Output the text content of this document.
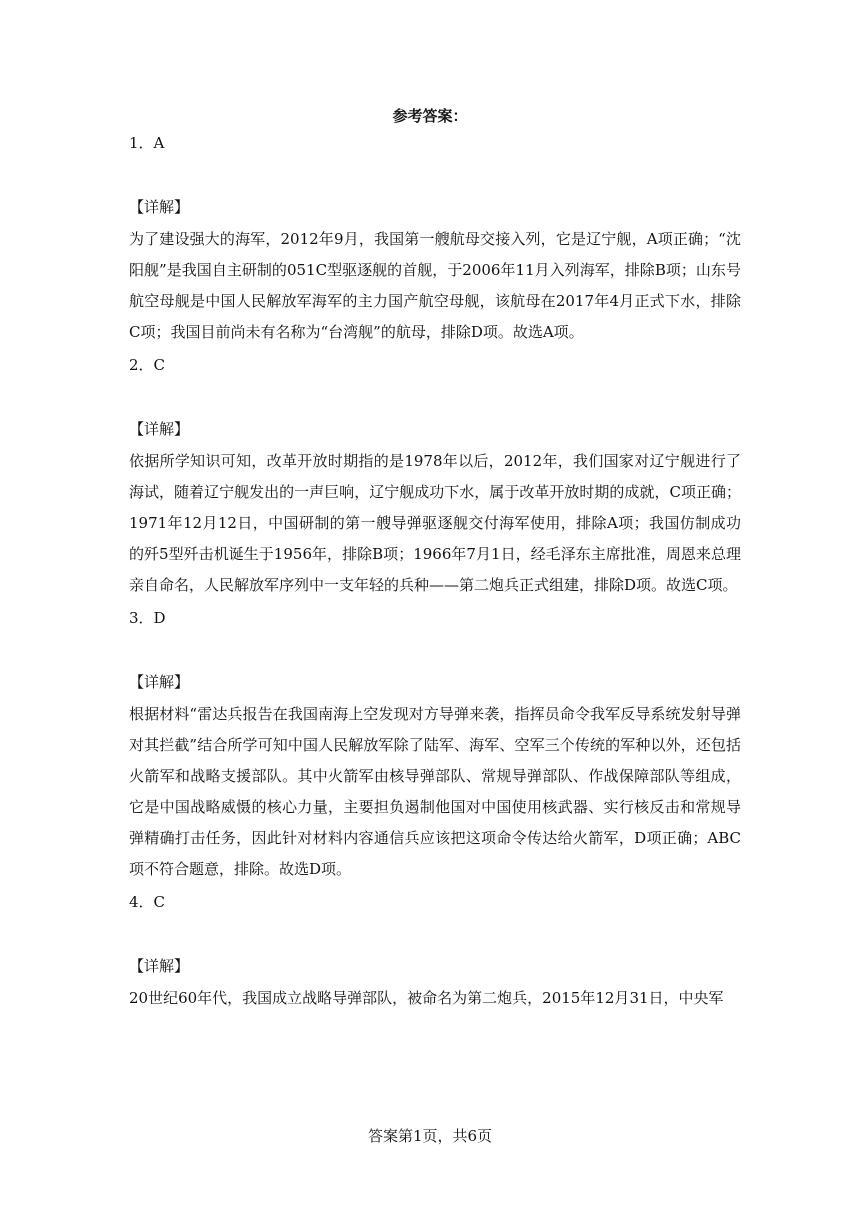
参考答案：
1．A
【详解】
为了建设强大的海军，2012年9月，我国第一艘航母交接入列，它是辽宁舰，A项正确；“沈阳舰”是我国自主研制的051C型驱逐舰的首舰，于2006年11月入列海军，排除B项；山东号航空母舰是中国人民解放军海军的主力国产航空母舰，该航母在2017年4月正式下水，排除C项；我国目前尚未有名称为“台湾舰”的航母，排除D项。故选A项。
2．C
【详解】
依据所学知识可知，改革开放时期指的是1978年以后，2012年，我们国家对辽宁舰进行了海试，随着辽宁舰发出的一声巨响，辽宁舰成功下水，属于改革开放时期的成就，C项正确；1971年12月12日，中国研制的第一艘导弹驱逐舰交付海军使用，排除A项；我国仿制成功的歼5型歼击机诞生于1956年，排除B项；1966年7月1日，经毛泽东主席批准，周恩来总理亲自命名，人民解放军序列中一支年轻的兵种——第二炮兵正式组建，排除D项。故选C项。
3．D
【详解】
根据材料“雷达兵报告在我国南海上空发现对方导弹来袭，指挥员命令我军反导系统发射导弹对其拦截”结合所学可知中国人民解放军除了陆军、海军、空军三个传统的军种以外，还包括火箭军和战略支援部队。其中火箭军由核导弹部队、常规导弹部队、作战保障部队等组成，它是中国战略威慑的核心力量，主要担负遏制他国对中国使用核武器、实行核反击和常规导弹精确打击任务，因此针对材料内容通信兵应该把这项命令传达给火箭军，D项正确；ABC项不符合题意，排除。故选D项。
4．C
【详解】
20世纪60年代，我国成立战略导弹部队，被命名为第二炮兵，2015年12月31日，中央军
答案第1页，共6页
